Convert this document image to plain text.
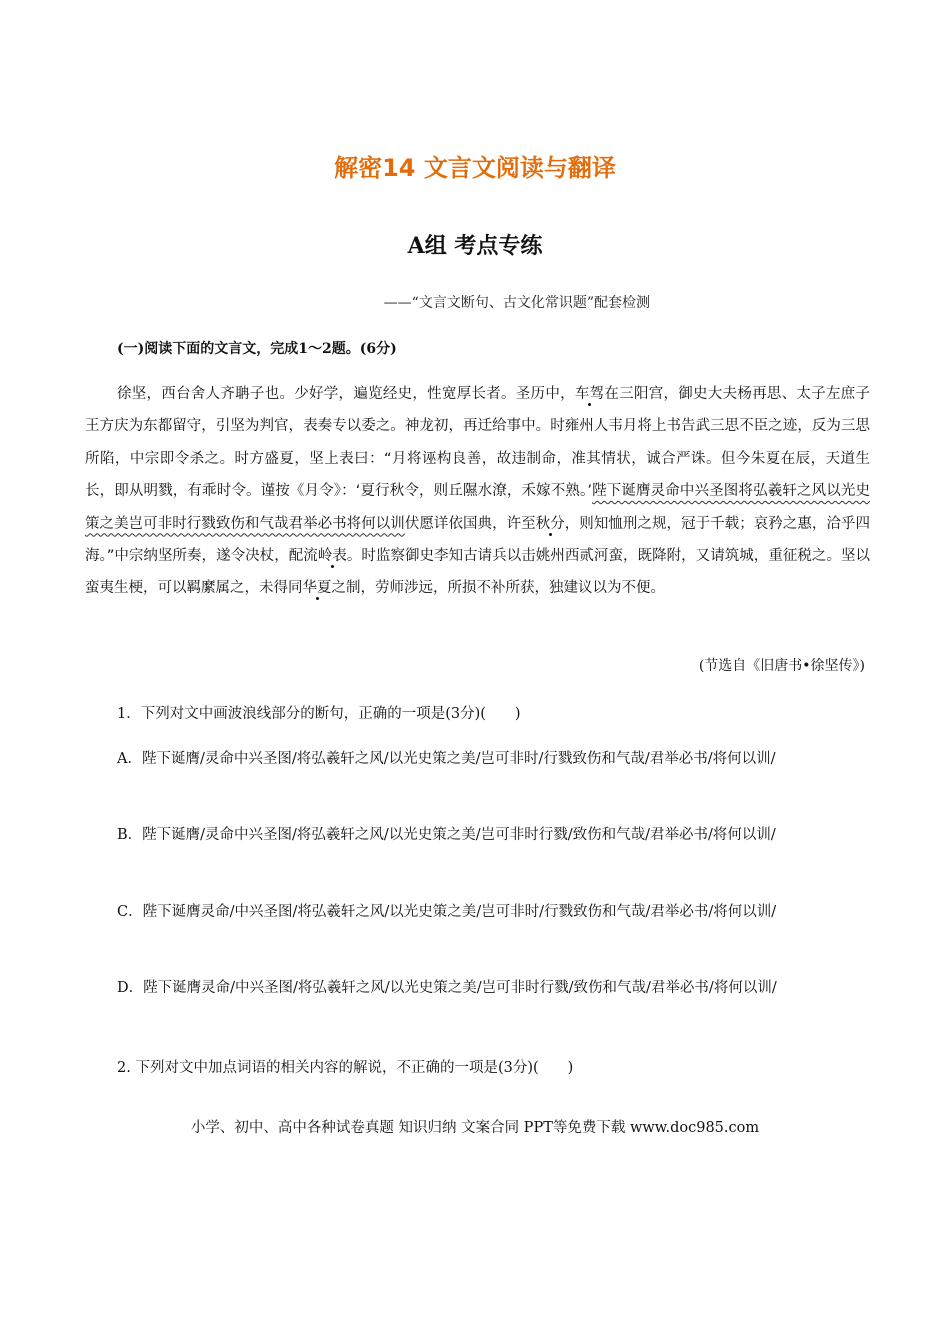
解密14 文言文阅读与翻译
A组 考点专练
——“文言文断句、古文化常识题”配套检测
(一)阅读下面的文言文，完成1～2题。(6分)
徐坚，西台舍人齐聃子也。少好学，遍览经史，性宽厚长者。圣历中，车驾在三阳宫，御史大夫杨再思、太子左庶子王方庆为东都留守，引坚为判官，表奏专以委之。神龙初，再迁给事中。时雍州人韦月将上书告武三思不臣之迹，反为三思所陷，中宗即令杀之。时方盛夏，坚上表曰：“月将诬构良善，故违制命，准其情状，诚合严诛。但今朱夏在辰，天道生长，即从明戮，有乖时令。谨按《月令》：‘夏行秋令，则丘隰水潦，禾嫁不熟。’陛下诞膺灵命中兴圣图将弘羲轩之风以光史策之美岂可非时行戮致伤和气哉君举必书将何以训伏愿详依国典，许至秋分，则知恤刑之规，冠于千载；哀矜之惠，洽乎四海。”中宗纳坚所奏，遂令决杖，配流岭表。时监察御史李知古请兵以击姚州西贰河蛮，既降附，又请筑城，重征税之。坚以蛮夷生梗，可以羁縻属之，未得同华夏之制，劳师涉远，所损不补所获，独建议以为不便。
(节选自《旧唐书•徐坚传》)
1．下列对文中画波浪线部分的断句，正确的一项是(3分)(　　)
A．陛下诞膺/灵命中兴圣图/将弘羲轩之风/以光史策之美/岂可非时/行戮致伤和气哉/君举必书/将何以训/
B．陛下诞膺/灵命中兴圣图/将弘羲轩之风/以光史策之美/岂可非时行戮/致伤和气哉/君举必书/将何以训/
C．陛下诞膺灵命/中兴圣图/将弘羲轩之风/以光史策之美/岂可非时/行戮致伤和气哉/君举必书/将何以训/
D．陛下诞膺灵命/中兴圣图/将弘羲轩之风/以光史策之美/岂可非时行戮/致伤和气哉/君举必书/将何以训/
2. 下列对文中加点词语的相关内容的解说，不正确的一项是(3分)(　　)
小学、初中、高中各种试卷真题 知识归纳 文案合同 PPT等免费下载 www.doc985.com
